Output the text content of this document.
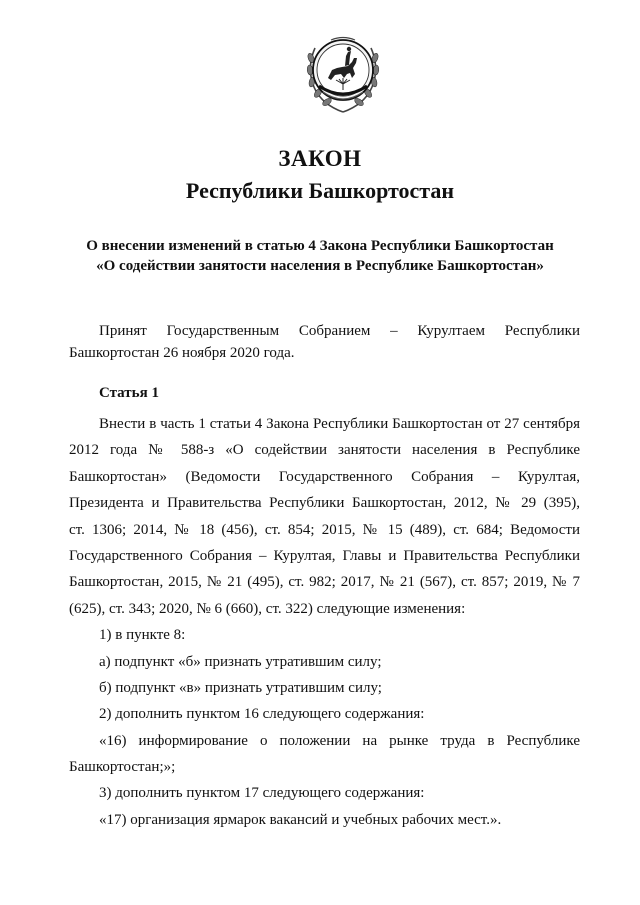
ЗАКОН
Республики Башкортостан
О внесении изменений в статью 4 Закона Республики Башкортостан
«О содействии занятости населения в Республике Башкортостан»
Принят Государственным Собранием – Курултаем Республики
Башкортостан 26 ноября 2020 года.
Статья 1
Внести в часть 1 статьи 4 Закона Республики Башкортостан от 27 сентября
2012 года № 588-з «О содействии занятости населения в Республике
Башкортостан» (Ведомости Государственного Собрания – Курултая,
Президента и Правительства Республики Башкортостан, 2012, № 29 (395),
ст. 1306; 2014, № 18 (456), ст. 854; 2015, № 15 (489), ст. 684; Ведомости
Государственного Собрания – Курултая, Главы и Правительства Республики
Башкортостан, 2015, № 21 (495), ст. 982; 2017, № 21 (567), ст. 857; 2019, № 7
(625), ст. 343; 2020, № 6 (660), ст. 322) следующие изменения:
1) в пункте 8:
а) подпункт «б» признать утратившим силу;
б) подпункт «в» признать утратившим силу;
2) дополнить пунктом 16 следующего содержания:
«16) информирование о положении на рынке труда в Республике
Башкортостан;»;
3) дополнить пунктом 17 следующего содержания:
«17) организация ярмарок вакансий и учебных рабочих мест.».
